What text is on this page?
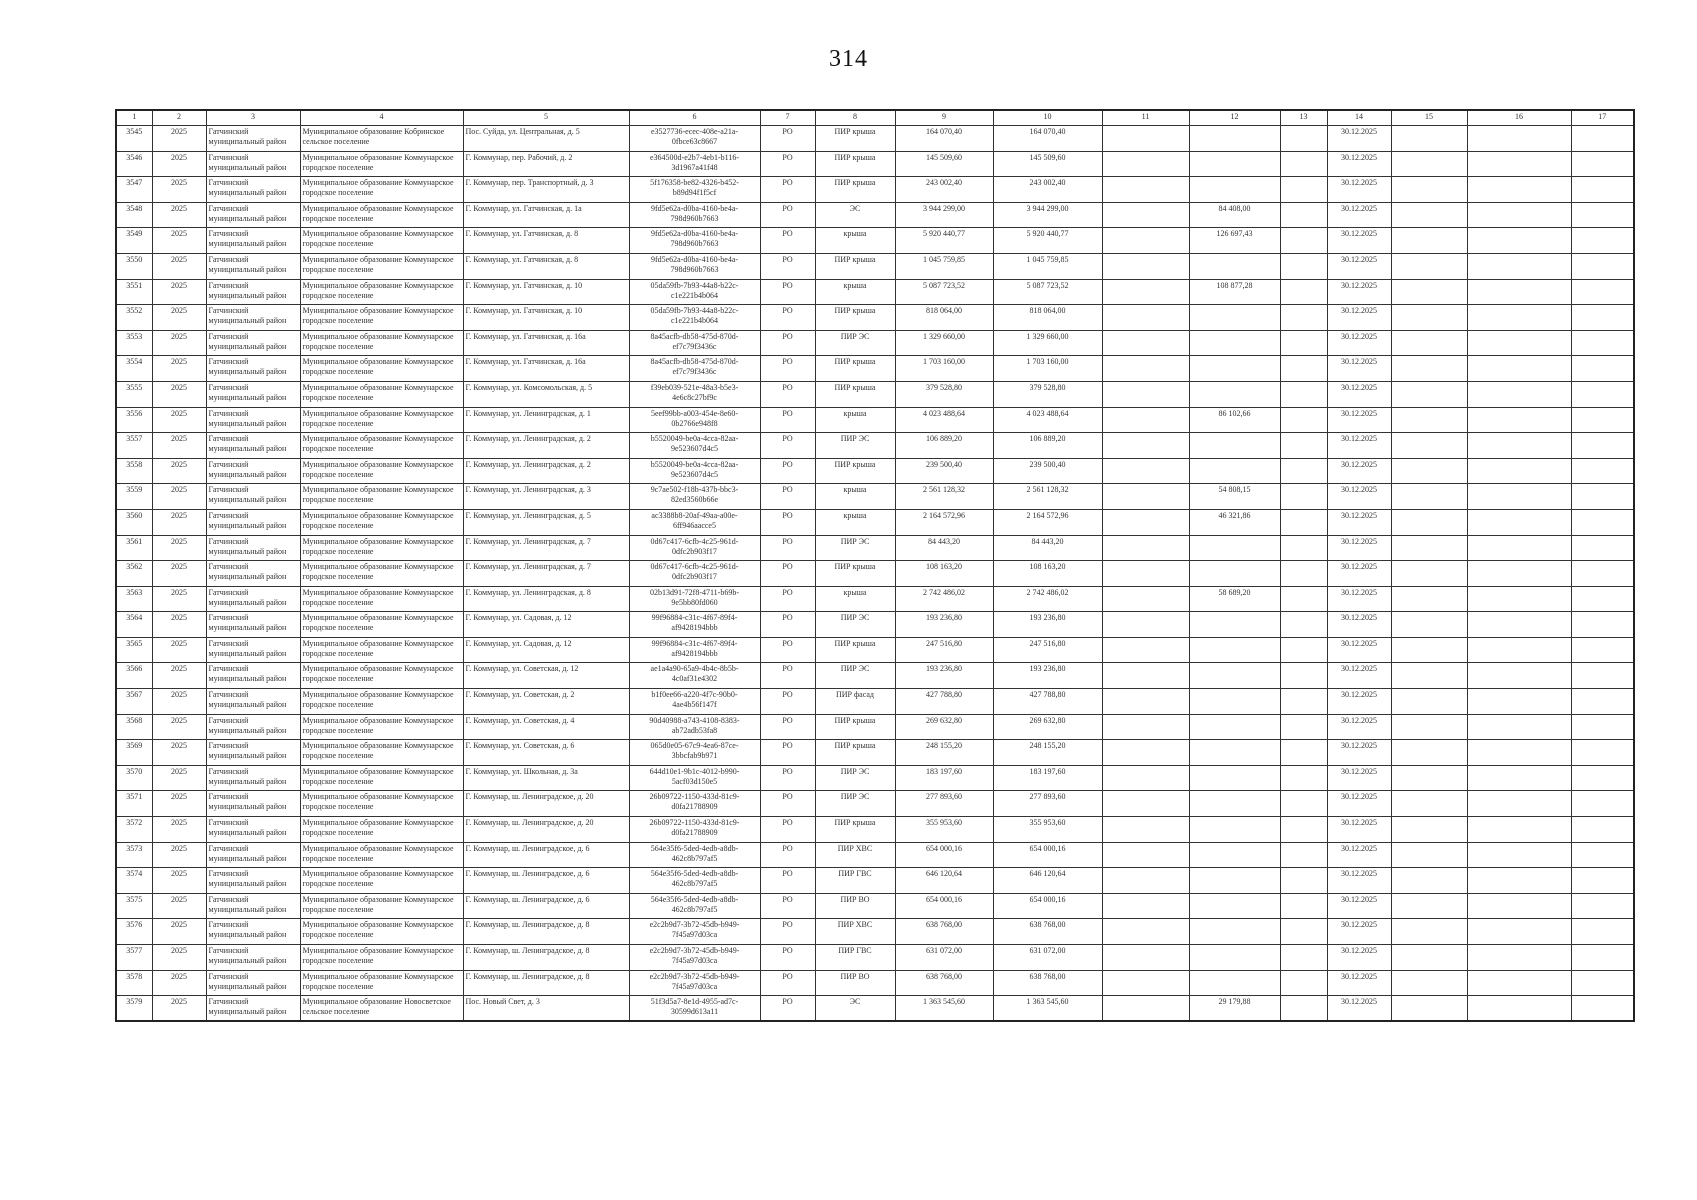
314
1	2	3	4	5	6	7	8	9	10	11	12	13	14	15	16	17
3545	2025	Гатчинский муниципальный район	Муниципальное образование Кобринское сельское поселение	Пос. Суйда, ул. Центральная, д. 5	e3527736-ecec-408e-a21a-0fbce63c8667	РО	ПИР крыша	164 070,40	164 070,40				30.12.2025			
3546	2025	Гатчинский муниципальный район	Муниципальное образование Коммунарское городское поселение	Г. Коммунар, пер. Рабочий, д. 2	e364500d-e2b7-4eb1-b116-3d1967a41f48	РО	ПИР крыша	145 509,60	145 509,60				30.12.2025			
3547	2025	Гатчинский муниципальный район	Муниципальное образование Коммунарское городское поселение	Г. Коммунар, пер. Транспортный, д. 3	5f176358-be82-4326-b452-b89d94f1f5cf	РО	ПИР крыша	243 002,40	243 002,40				30.12.2025			
3548	2025	Гатчинский муниципальный район	Муниципальное образование Коммунарское городское поселение	Г. Коммунар, ул. Гатчинская, д. 1а	9fd5e62a-d0ba-4160-be4a-798d960b7663	РО	ЭС	3 944 299,00	3 944 299,00		84 408,00		30.12.2025			
3549	2025	Гатчинский муниципальный район	Муниципальное образование Коммунарское городское поселение	Г. Коммунар, ул. Гатчинская, д. 8	9fd5e62a-d0ba-4160-be4a-798d960b7663	РО	крыша	5 920 440,77	5 920 440,77		126 697,43		30.12.2025			
3550	2025	Гатчинский муниципальный район	Муниципальное образование Коммунарское городское поселение	Г. Коммунар, ул. Гатчинская, д. 8	9fd5e62a-d0ba-4160-be4a-798d960b7663	РО	ПИР крыша	1 045 759,85	1 045 759,85				30.12.2025			
3551	2025	Гатчинский муниципальный район	Муниципальное образование Коммунарское городское поселение	Г. Коммунар, ул. Гатчинская, д. 10	05da59fb-7b93-44a8-b22c-c1e221b4b064	РО	крыша	5 087 723,52	5 087 723,52		108 877,28		30.12.2025			
3552	2025	Гатчинский муниципальный район	Муниципальное образование Коммунарское городское поселение	Г. Коммунар, ул. Гатчинская, д. 10	05da59fb-7b93-44a8-b22c-c1e221b4b064	РО	ПИР крыша	818 064,00	818 064,00				30.12.2025			
3553	2025	Гатчинский муниципальный район	Муниципальное образование Коммунарское городское поселение	Г. Коммунар, ул. Гатчинская, д. 16а	8a45acfb-db58-475d-870d-ef7c79f3436c	РО	ПИР ЭС	1 329 660,00	1 329 660,00				30.12.2025			
3554	2025	Гатчинский муниципальный район	Муниципальное образование Коммунарское городское поселение	Г. Коммунар, ул. Гатчинская, д. 16а	8a45acfb-db58-475d-870d-ef7c79f3436c	РО	ПИР крыша	1 703 160,00	1 703 160,00				30.12.2025			
3555	2025	Гатчинский муниципальный район	Муниципальное образование Коммунарское городское поселение	Г. Коммунар, ул. Комсомольская, д. 5	f39eb039-521e-48a3-b5e3-4e6c8c27bf9c	РО	ПИР крыша	379 528,80	379 528,80				30.12.2025			
3556	2025	Гатчинский муниципальный район	Муниципальное образование Коммунарское городское поселение	Г. Коммунар, ул. Ленинградская, д. 1	5eef99bb-a003-454e-8e60-0b2766e948f8	РО	крыша	4 023 488,64	4 023 488,64		86 102,66		30.12.2025			
3557	2025	Гатчинский муниципальный район	Муниципальное образование Коммунарское городское поселение	Г. Коммунар, ул. Ленинградская, д. 2	b5520049-be0a-4cca-82aa-9e523607d4c5	РО	ПИР ЭС	106 889,20	106 889,20				30.12.2025			
3558	2025	Гатчинский муниципальный район	Муниципальное образование Коммунарское городское поселение	Г. Коммунар, ул. Ленинградская, д. 2	b5520049-be0a-4cca-82aa-9e523607d4c5	РО	ПИР крыша	239 500,40	239 500,40				30.12.2025			
3559	2025	Гатчинский муниципальный район	Муниципальное образование Коммунарское городское поселение	Г. Коммунар, ул. Ленинградская, д. 3	9c7ae502-f18b-437b-bbc3-82ed3560b66e	РО	крыша	2 561 128,32	2 561 128,32		54 808,15		30.12.2025			
3560	2025	Гатчинский муниципальный район	Муниципальное образование Коммунарское городское поселение	Г. Коммунар, ул. Ленинградская, д. 5	ac3388b8-20af-49aa-a00e-6ff946aacce5	РО	крыша	2 164 572,96	2 164 572,96		46 321,86		30.12.2025			
3561	2025	Гатчинский муниципальный район	Муниципальное образование Коммунарское городское поселение	Г. Коммунар, ул. Ленинградская, д. 7	0d67c417-6cfb-4c25-961d-0dfc2b903f17	РО	ПИР ЭС	84 443,20	84 443,20				30.12.2025			
3562	2025	Гатчинский муниципальный район	Муниципальное образование Коммунарское городское поселение	Г. Коммунар, ул. Ленинградская, д. 7	0d67c417-6cfb-4c25-961d-0dfc2b903f17	РО	ПИР крыша	108 163,20	108 163,20				30.12.2025			
3563	2025	Гатчинский муниципальный район	Муниципальное образование Коммунарское городское поселение	Г. Коммунар, ул. Ленинградская, д. 8	02b13d91-72f8-4711-b69b-9e5bb80fd060	РО	крыша	2 742 486,02	2 742 486,02		58 689,20		30.12.2025			
3564	2025	Гатчинский муниципальный район	Муниципальное образование Коммунарское городское поселение	Г. Коммунар, ул. Садовая, д. 12	99f96884-c31c-4f67-89f4-af9428194bbb	РО	ПИР ЭС	193 236,80	193 236,80				30.12.2025			
3565	2025	Гатчинский муниципальный район	Муниципальное образование Коммунарское городское поселение	Г. Коммунар, ул. Садовая, д. 12	99f96884-c31c-4f67-89f4-af9428194bbb	РО	ПИР крыша	247 516,80	247 516,80				30.12.2025			
3566	2025	Гатчинский муниципальный район	Муниципальное образование Коммунарское городское поселение	Г. Коммунар, ул. Советская, д. 12	ae1a4a90-65a9-4b4c-8b5b-4c0af31e4302	РО	ПИР ЭС	193 236,80	193 236,80				30.12.2025			
3567	2025	Гатчинский муниципальный район	Муниципальное образование Коммунарское городское поселение	Г. Коммунар, ул. Советская, д. 2	b1f0ee66-a220-4f7c-90b0-4ae4b56f147f	РО	ПИР фасад	427 788,80	427 788,80				30.12.2025			
3568	2025	Гатчинский муниципальный район	Муниципальное образование Коммунарское городское поселение	Г. Коммунар, ул. Советская, д. 4	90d40988-a743-4108-8383-ab72adb53fa8	РО	ПИР крыша	269 632,80	269 632,80				30.12.2025			
3569	2025	Гатчинский муниципальный район	Муниципальное образование Коммунарское городское поселение	Г. Коммунар, ул. Советская, д. 6	065d0e05-67c9-4ea6-87ce-3bbcfab9b971	РО	ПИР крыша	248 155,20	248 155,20				30.12.2025			
3570	2025	Гатчинский муниципальный район	Муниципальное образование Коммунарское городское поселение	Г. Коммунар, ул. Школьная, д. 3а	644d10e1-9b1c-4012-b990-5acf03d150e5	РО	ПИР ЭС	183 197,60	183 197,60				30.12.2025			
3571	2025	Гатчинский муниципальный район	Муниципальное образование Коммунарское городское поселение	Г. Коммунар, ш. Ленинградское, д. 20	26b09722-1150-433d-81c9-d0fa21788909	РО	ПИР ЭС	277 893,60	277 893,60				30.12.2025			
3572	2025	Гатчинский муниципальный район	Муниципальное образование Коммунарское городское поселение	Г. Коммунар, ш. Ленинградское, д. 20	26b09722-1150-433d-81c9-d0fa21788909	РО	ПИР крыша	355 953,60	355 953,60				30.12.2025			
3573	2025	Гатчинский муниципальный район	Муниципальное образование Коммунарское городское поселение	Г. Коммунар, ш. Ленинградское, д. 6	564e35f6-5ded-4edb-a8db-462c8b797af5	РО	ПИР ХВС	654 000,16	654 000,16				30.12.2025			
3574	2025	Гатчинский муниципальный район	Муниципальное образование Коммунарское городское поселение	Г. Коммунар, ш. Ленинградское, д. 6	564e35f6-5ded-4edb-a8db-462c8b797af5	РО	ПИР ГВС	646 120,64	646 120,64				30.12.2025			
3575	2025	Гатчинский муниципальный район	Муниципальное образование Коммунарское городское поселение	Г. Коммунар, ш. Ленинградское, д. 6	564e35f6-5ded-4edb-a8db-462c8b797af5	РО	ПИР ВО	654 000,16	654 000,16				30.12.2025			
3576	2025	Гатчинский муниципальный район	Муниципальное образование Коммунарское городское поселение	Г. Коммунар, ш. Ленинградское, д. 8	e2c2b9d7-3b72-45db-b949-7f45a97d03ca	РО	ПИР ХВС	638 768,00	638 768,00				30.12.2025			
3577	2025	Гатчинский муниципальный район	Муниципальное образование Коммунарское городское поселение	Г. Коммунар, ш. Ленинградское, д. 8	e2c2b9d7-3b72-45db-b949-7f45a97d03ca	РО	ПИР ГВС	631 072,00	631 072,00				30.12.2025			
3578	2025	Гатчинский муниципальный район	Муниципальное образование Коммунарское городское поселение	Г. Коммунар, ш. Ленинградское, д. 8	e2c2b9d7-3b72-45db-b949-7f45a97d03ca	РО	ПИР ВО	638 768,00	638 768,00				30.12.2025			
3579	2025	Гатчинский муниципальный район	Муниципальное образование Новосветское сельское поселение	Пос. Новый Свет, д. 3	51f3d5a7-8e1d-4955-ad7c-30599d613a11	РО	ЭС	1 363 545,60	1 363 545,60		29 179,88		30.12.2025			
